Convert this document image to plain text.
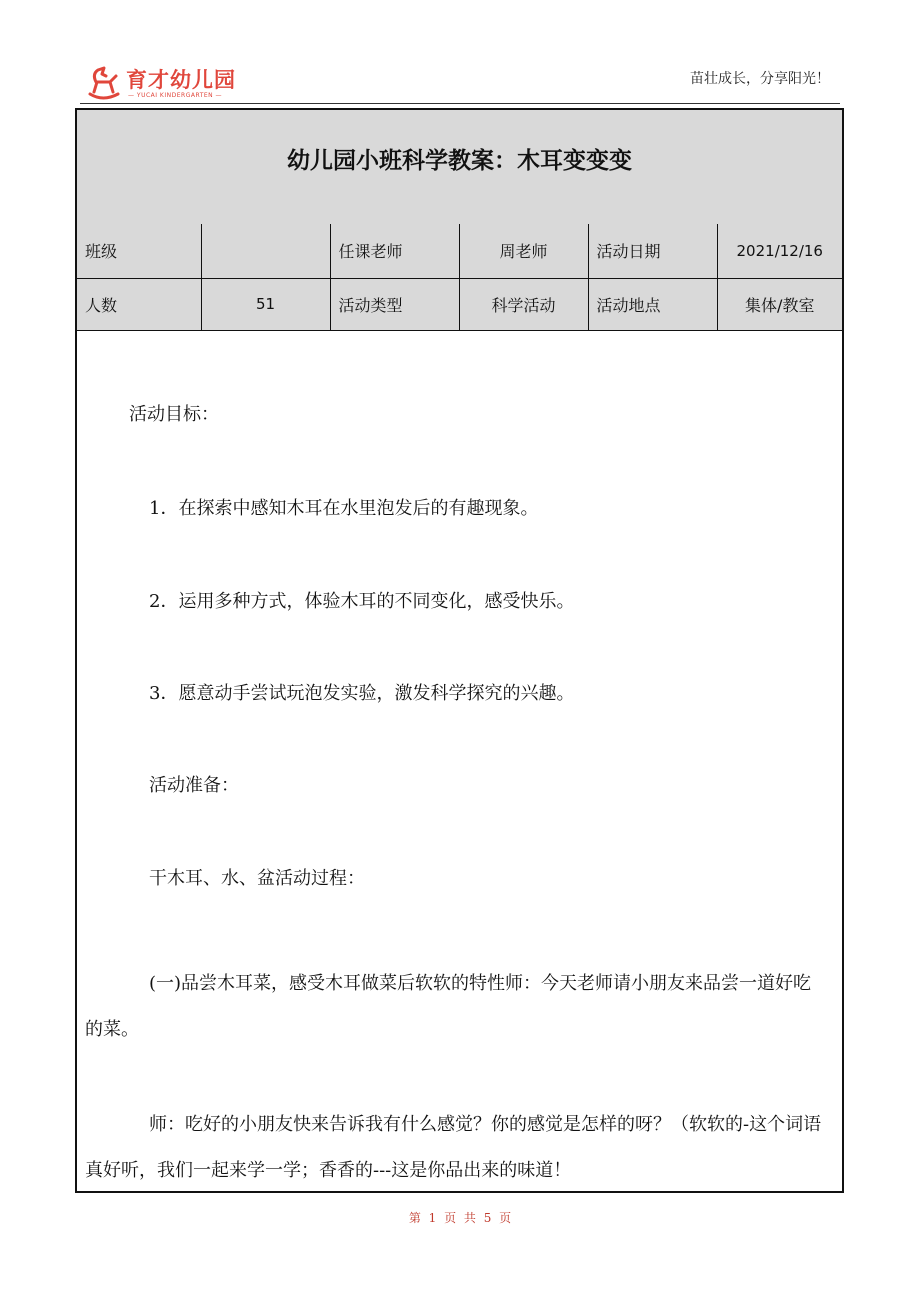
育才幼儿园
— YUCAI KINDERGARTEN —
苗壮成长，分享阳光！
幼儿园小班科学教案：木耳变变变
班级		任课老师	周老师	活动日期	2021/12/16
人数	51	活动类型	科学活动	活动地点	集体/教室
活动目标：
1．在探索中感知木耳在水里泡发后的有趣现象。
2．运用多种方式，体验木耳的不同变化，感受快乐。
3．愿意动手尝试玩泡发实验，激发科学探究的兴趣。
活动准备：
干木耳、水、盆活动过程：
(一)品尝木耳菜，感受木耳做菜后软软的特性师：今天老师请小朋友来品尝一道好吃的菜。
师：吃好的小朋友快来告诉我有什么感觉？你的感觉是怎样的呀？（软软的-这个词语真好听，我们一起来学一学；香香的---这是你品出来的味道！
第 1 页 共 5 页
